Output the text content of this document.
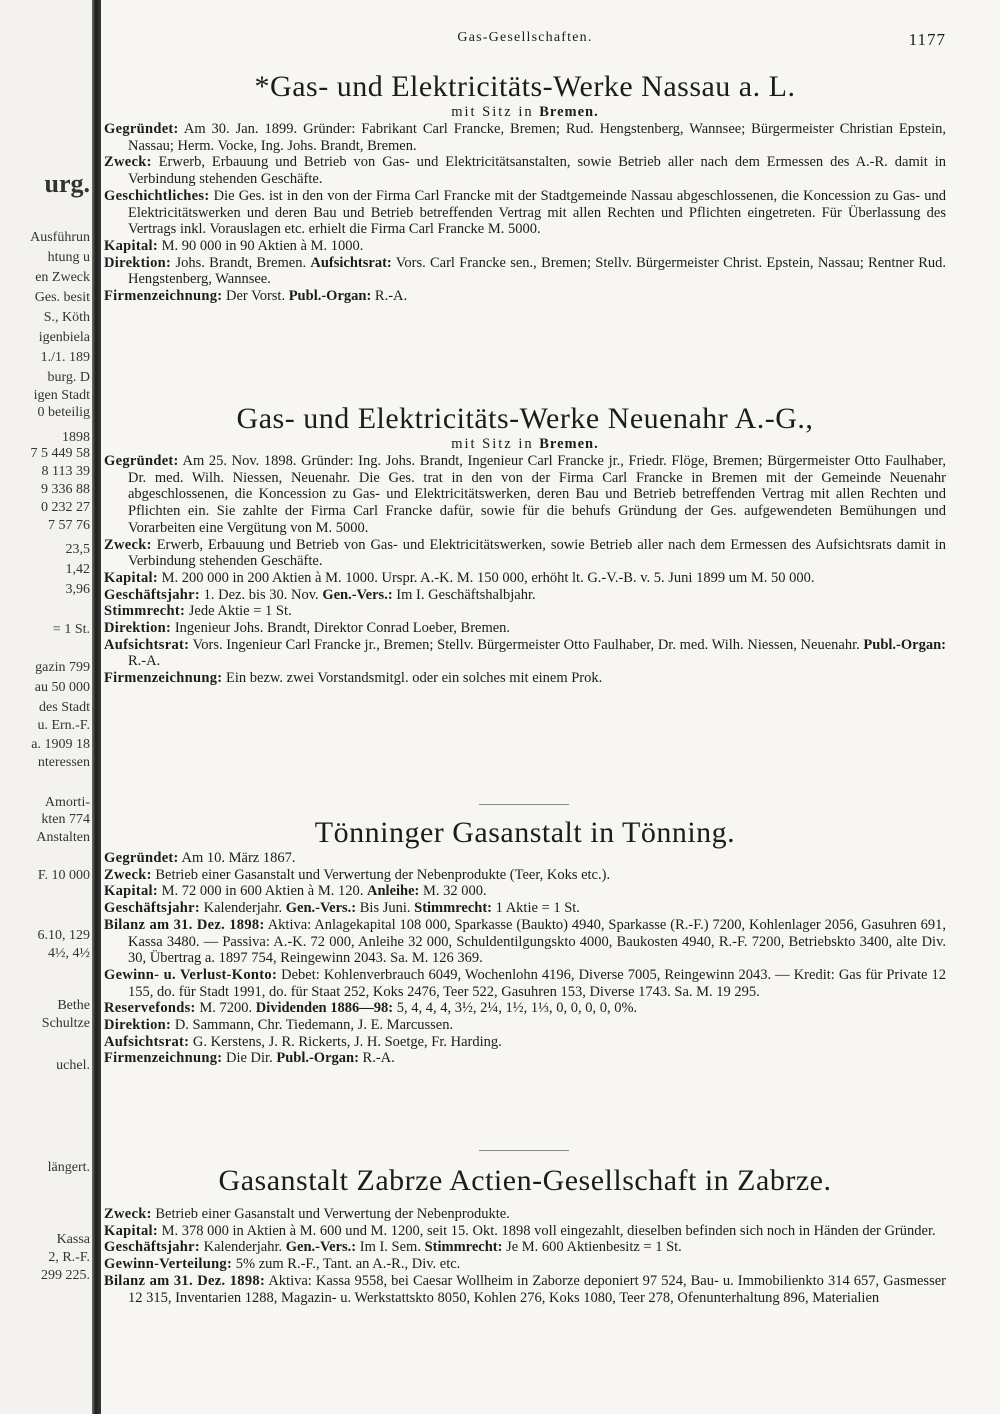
urg.
Ausführun
htung u
en Zweck
Ges. besit
S., Köth
igenbiela
1./1. 189
burg. D
igen Stadt
0 beteilig
1898
7 5 449 58
8 113 39
9 336 88
0 232 27
7 57 76
23,5
1,42
3,96
= 1 St.
gazin 799
au 50 000
des Stadt
u. Ern.-F.
a. 1909 18
nteressen
Amorti-
kten 774
Anstalten
F. 10 000
6.10, 129
4½, 4½
Bethe
Schultze
uchel.
längert.
Kassa
2, R.-F.
299 225.
Gas-Gesellschaften.	1177
*Gas- und Elektricitäts-Werke Nassau a. L.
mit Sitz in Bremen.

Gegründet: Am 30. Jan. 1899. Gründer: Fabrikant Carl Francke, Bremen; Rud. Hengstenberg, Wannsee; Bürgermeister Christian Epstein, Nassau; Herm. Vocke, Ing. Johs. Brandt, Bremen.

Zweck: Erwerb, Erbauung und Betrieb von Gas- und Elektricitätsanstalten, sowie Betrieb aller nach dem Ermessen des A.-R. damit in Verbindung stehenden Geschäfte.

Geschichtliches: Die Ges. ist in den von der Firma Carl Francke mit der Stadtgemeinde Nassau abgeschlossenen, die Koncession zu Gas- und Elektricitätswerken und deren Bau und Betrieb betreffenden Vertrag mit allen Rechten und Pflichten eingetreten. Für Überlassung des Vertrags inkl. Vorauslagen etc. erhielt die Firma Carl Francke M. 5000.

Kapital: M. 90 000 in 90 Aktien à M. 1000.

Direktion: Johs. Brandt, Bremen. Aufsichtsrat: Vors. Carl Francke sen., Bremen; Stellv. Bürgermeister Christ. Epstein, Nassau; Rentner Rud. Hengstenberg, Wannsee.

Firmenzeichnung: Der Vorst. Publ.-Organ: R.-A.

Gas- und Elektricitäts-Werke Neuenahr A.-G.,
mit Sitz in Bremen.

Gegründet: Am 25. Nov. 1898. Gründer: Ing. Johs. Brandt, Ingenieur Carl Francke jr., Friedr. Flöge, Bremen; Bürgermeister Otto Faulhaber, Dr. med. Wilh. Niessen, Neuenahr. Die Ges. trat in den von der Firma Carl Francke in Bremen mit der Gemeinde Neuenahr abgeschlossenen, die Koncession zu Gas- und Elektricitätswerken, deren Bau und Betrieb betreffenden Vertrag mit allen Rechten und Pflichten ein. Sie zahlte der Firma Carl Francke dafür, sowie für die behufs Gründung der Ges. aufgewendeten Bemühungen und Vorarbeiten eine Vergütung von M. 5000.

Zweck: Erwerb, Erbauung und Betrieb von Gas- und Elektricitätswerken, sowie Betrieb aller nach dem Ermessen des Aufsichtsrats damit in Verbindung stehenden Geschäfte.

Kapital: M. 200 000 in 200 Aktien à M. 1000. Urspr. A.-K. M. 150 000, erhöht lt. G.-V.-B. v. 5. Juni 1899 um M. 50 000.

Geschäftsjahr: 1. Dez. bis 30. Nov. Gen.-Vers.: Im I. Geschäftshalbjahr.

Stimmrecht: Jede Aktie = 1 St.

Direktion: Ingenieur Johs. Brandt, Direktor Conrad Loeber, Bremen.

Aufsichtsrat: Vors. Ingenieur Carl Francke jr., Bremen; Stellv. Bürgermeister Otto Faulhaber, Dr. med. Wilh. Niessen, Neuenahr. Publ.-Organ: R.-A.

Firmenzeichnung: Ein bezw. zwei Vorstandsmitgl. oder ein solches mit einem Prok.

Tönninger Gasanstalt in Tönning.

Gegründet: Am 10. März 1867.

Zweck: Betrieb einer Gasanstalt und Verwertung der Nebenprodukte (Teer, Koks etc.).

Kapital: M. 72 000 in 600 Aktien à M. 120. Anleihe: M. 32 000.

Geschäftsjahr: Kalenderjahr. Gen.-Vers.: Bis Juni. Stimmrecht: 1 Aktie = 1 St.

Bilanz am 31. Dez. 1898: Aktiva: Anlagekapital 108 000, Sparkasse (Baukto) 4940, Sparkasse (R.-F.) 7200, Kohlenlager 2056, Gasuhren 691, Kassa 3480. — Passiva: A.-K. 72 000, Anleihe 32 000, Schuldentilgungskto 4000, Baukosten 4940, R.-F. 7200, Betriebskto 3400, alte Div. 30, Übertrag a. 1897 754, Reingewinn 2043. Sa. M. 126 369.

Gewinn- u. Verlust-Konto: Debet: Kohlenverbrauch 6049, Wochenlohn 4196, Diverse 7005, Reingewinn 2043. — Kredit: Gas für Private 12 155, do. für Stadt 1991, do. für Staat 252, Koks 2476, Teer 522, Gasuhren 153, Diverse 1743. Sa. M. 19 295.

Reservefonds: M. 7200. Dividenden 1886—98: 5, 4, 4, 4, 3½, 2¼, 1½, 1⅓, 0, 0, 0, 0, 0%.

Direktion: D. Sammann, Chr. Tiedemann, J. E. Marcussen.

Aufsichtsrat: G. Kerstens, J. R. Rickerts, J. H. Soetge, Fr. Harding.

Firmenzeichnung: Die Dir. Publ.-Organ: R.-A.

Gasanstalt Zabrze Actien-Gesellschaft in Zabrze.

Zweck: Betrieb einer Gasanstalt und Verwertung der Nebenprodukte.

Kapital: M. 378 000 in Aktien à M. 600 und M. 1200, seit 15. Okt. 1898 voll eingezahlt, dieselben befinden sich noch in Händen der Gründer.

Geschäftsjahr: Kalenderjahr. Gen.-Vers.: Im I. Sem. Stimmrecht: Je M. 600 Aktienbesitz = 1 St.

Gewinn-Verteilung: 5% zum R.-F., Tant. an A.-R., Div. etc.

Bilanz am 31. Dez. 1898: Aktiva: Kassa 9558, bei Caesar Wollheim in Zaborze deponiert 97 524, Bau- u. Immobilienkto 314 657, Gasmesser 12 315, Inventarien 1288, Magazin- u. Werkstattskto 8050, Kohlen 276, Koks 1080, Teer 278, Ofenunterhaltung 896, Materialien
